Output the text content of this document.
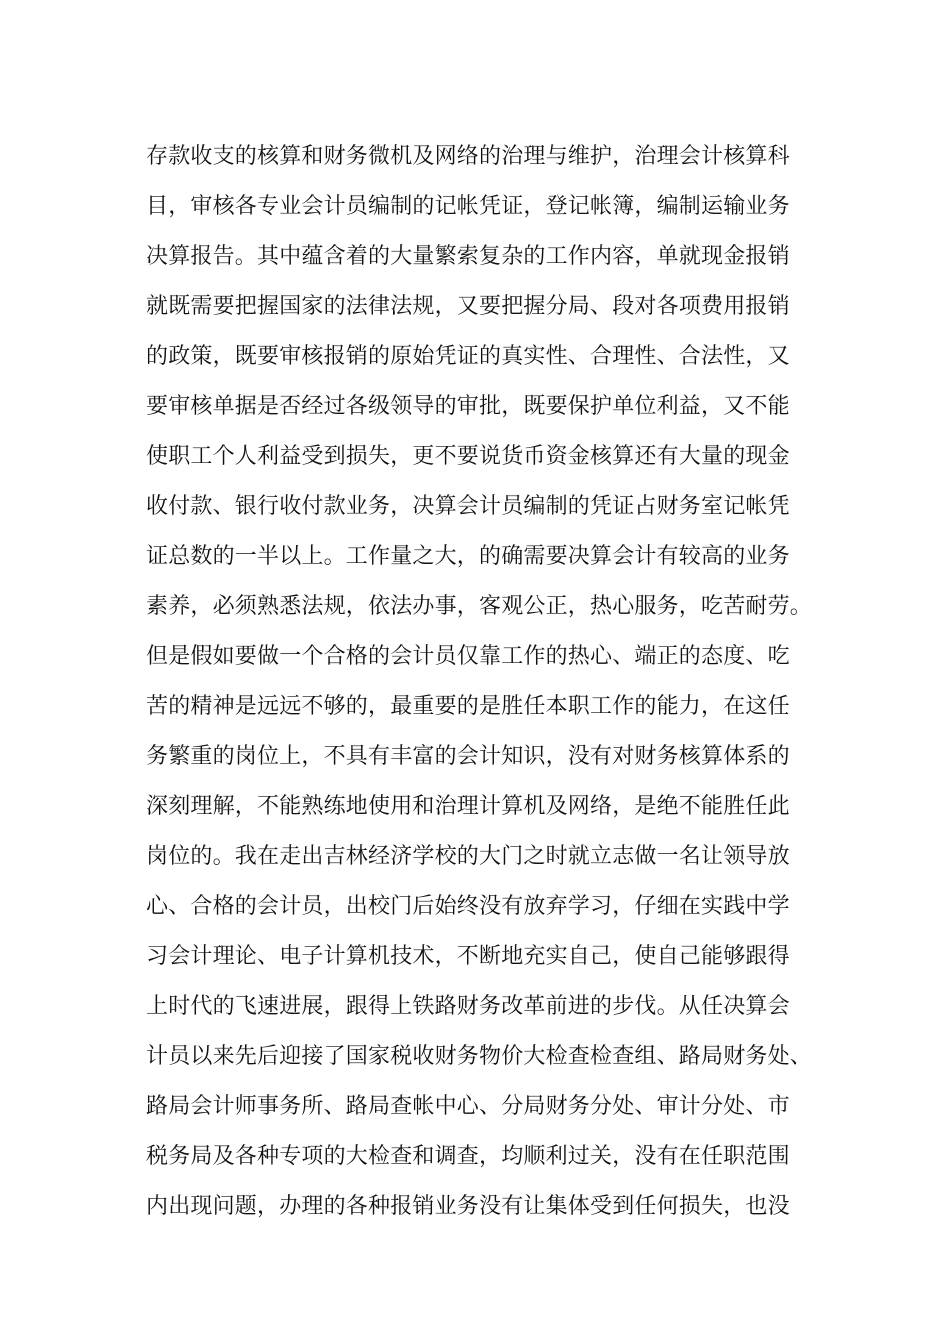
存款收支的核算和财务微机及网络的治理与维护，治理会计核算科
目，审核各专业会计员编制的记帐凭证，登记帐簿，编制运输业务
决算报告。其中蕴含着的大量繁索复杂的工作内容，单就现金报销
就既需要把握国家的法律法规，又要把握分局、段对各项费用报销
的政策，既要审核报销的原始凭证的真实性、合理性、合法性，又
要审核单据是否经过各级领导的审批，既要保护单位利益，又不能
使职工个人利益受到损失，更不要说货币资金核算还有大量的现金
收付款、银行收付款业务，决算会计员编制的凭证占财务室记帐凭
证总数的一半以上。工作量之大，的确需要决算会计有较高的业务
素养，必须熟悉法规，依法办事，客观公正，热心服务，吃苦耐劳。
但是假如要做一个合格的会计员仅靠工作的热心、端正的态度、吃
苦的精神是远远不够的，最重要的是胜任本职工作的能力，在这任
务繁重的岗位上，不具有丰富的会计知识，没有对财务核算体系的
深刻理解，不能熟练地使用和治理计算机及网络，是绝不能胜任此
岗位的。我在走出吉林经济学校的大门之时就立志做一名让领导放
心、合格的会计员，出校门后始终没有放弃学习，仔细在实践中学
习会计理论、电子计算机技术，不断地充实自己，使自己能够跟得
上时代的飞速进展，跟得上铁路财务改革前进的步伐。从任决算会
计员以来先后迎接了国家税收财务物价大检查检查组、路局财务处、
路局会计师事务所、路局查帐中心、分局财务分处、审计分处、市
税务局及各种专项的大检查和调查，均顺利过关，没有在任职范围
内出现问题，办理的各种报销业务没有让集体受到任何损失，也没
